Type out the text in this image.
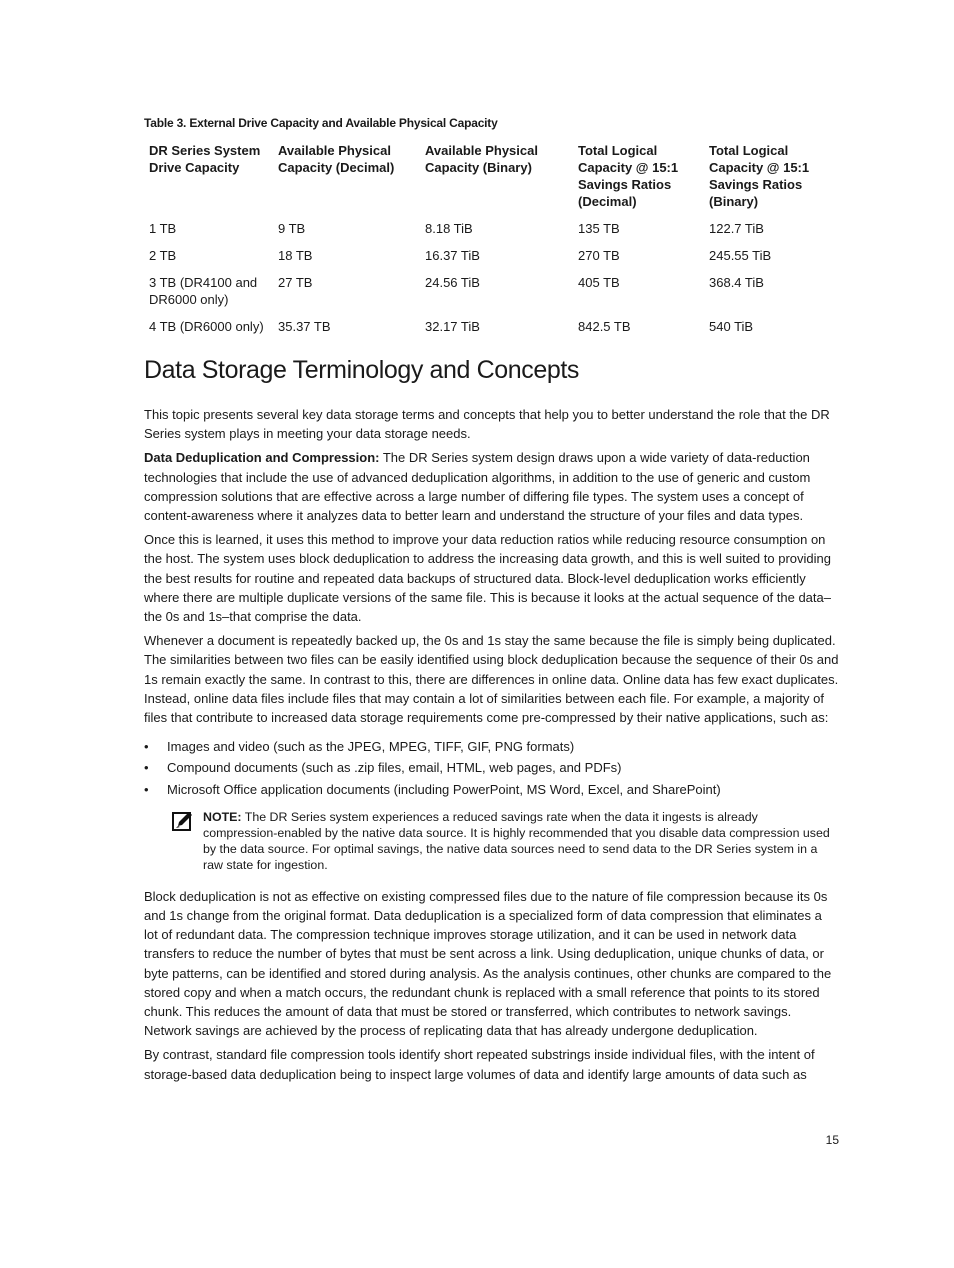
Table 3. External Drive Capacity and Available Physical Capacity
DR Series System Drive Capacity	Available Physical Capacity (Decimal)	Available Physical Capacity (Binary)	Total Logical Capacity @ 15:1 Savings Ratios (Decimal)	Total Logical Capacity @ 15:1 Savings Ratios (Binary)
1 TB	9 TB	8.18 TiB	135 TB	122.7 TiB
2 TB	18 TB	16.37 TiB	270 TB	245.55 TiB
3 TB (DR4100 and DR6000 only)	27 TB	24.56 TiB	405 TB	368.4 TiB
4 TB (DR6000 only)	35.37 TB	32.17 TiB	842.5 TB	540 TiB
Data Storage Terminology and Concepts

This topic presents several key data storage terms and concepts that help you to better understand the role that the DR Series system plays in meeting your data storage needs.

Data Deduplication and Compression: The DR Series system design draws upon a wide variety of data-reduction technologies that include the use of advanced deduplication algorithms, in addition to the use of generic and custom compression solutions that are effective across a large number of differing file types. The system uses a concept of content-awareness where it analyzes data to better learn and understand the structure of your files and data types.

Once this is learned, it uses this method to improve your data reduction ratios while reducing resource consumption on the host. The system uses block deduplication to address the increasing data growth, and this is well suited to providing the best results for routine and repeated data backups of structured data. Block-level deduplication works efficiently where there are multiple duplicate versions of the same file. This is because it looks at the actual sequence of the data– the 0s and 1s–that comprise the data.

Whenever a document is repeatedly backed up, the 0s and 1s stay the same because the file is simply being duplicated. The similarities between two files can be easily identified using block deduplication because the sequence of their 0s and 1s remain exactly the same. In contrast to this, there are differences in online data. Online data has few exact duplicates. Instead, online data files include files that may contain a lot of similarities between each file. For example, a majority of files that contribute to increased data storage requirements come pre-compressed by their native applications, such as:

• Images and video (such as the JPEG, MPEG, TIFF, GIF, PNG formats)
• Compound documents (such as .zip files, email, HTML, web pages, and PDFs)
• Microsoft Office application documents (including PowerPoint, MS Word, Excel, and SharePoint)
NOTE: The DR Series system experiences a reduced savings rate when the data it ingests is already compression-enabled by the native data source. It is highly recommended that you disable data compression used by the data source. For optimal savings, the native data sources need to send data to the DR Series system in a raw state for ingestion.

Block deduplication is not as effective on existing compressed files due to the nature of file compression because its 0s and 1s change from the original format. Data deduplication is a specialized form of data compression that eliminates a lot of redundant data. The compression technique improves storage utilization, and it can be used in network data transfers to reduce the number of bytes that must be sent across a link. Using deduplication, unique chunks of data, or byte patterns, can be identified and stored during analysis. As the analysis continues, other chunks are compared to the stored copy and when a match occurs, the redundant chunk is replaced with a small reference that points to its stored chunk. This reduces the amount of data that must be stored or transferred, which contributes to network savings. Network savings are achieved by the process of replicating data that has already undergone deduplication.

By contrast, standard file compression tools identify short repeated substrings inside individual files, with the intent of storage-based data deduplication being to inspect large volumes of data and identify large amounts of data such as

15
